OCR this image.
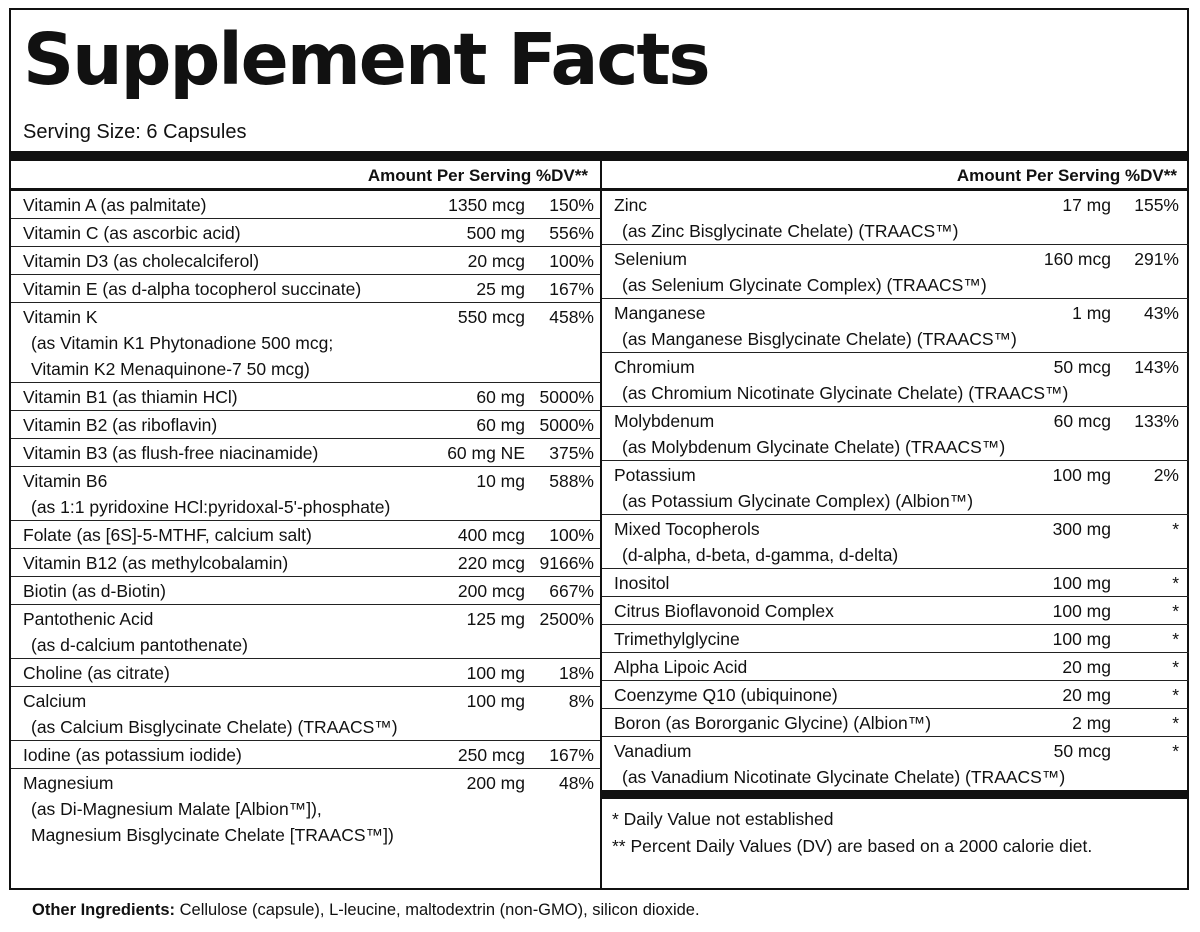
Supplement Facts
Serving Size: 6 Capsules
Amount Per Serving %DV**
Vitamin A (as palmitate)	1350 mcg 150%
Vitamin C (as ascorbic acid)	500 mg 556%
Vitamin D3 (as cholecalciferol)	20 mcg 100%
Vitamin E (as d-alpha tocopherol succinate)	25 mg 167%
Vitamin K	550 mcg 458%
(as Vitamin K1 Phytonadione 500 mcg;
Vitamin K2 Menaquinone-7 50 mcg)
Vitamin B1 (as thiamin HCl)	60 mg 5000%
Vitamin B2 (as riboflavin)	60 mg 5000%
Vitamin B3 (as flush-free niacinamide)	60 mg NE 375%
Vitamin B6	10 mg 588%
(as 1:1 pyridoxine HCl:pyridoxal-5'-phosphate)
Folate (as [6S]-5-MTHF, calcium salt)	400 mcg 100%
Vitamin B12 (as methylcobalamin)	220 mcg 9166%
Biotin (as d-Biotin)	200 mcg 667%
Pantothenic Acid	125 mg 2500%
(as d-calcium pantothenate)
Choline (as citrate)	100 mg 18%
Calcium	100 mg 8%
(as Calcium Bisglycinate Chelate) (TRAACS™)
Iodine (as potassium iodide)	250 mcg 167%
Magnesium	200 mg 48%
(as Di-Magnesium Malate [Albion™]),
Magnesium Bisglycinate Chelate [TRAACS™])
Amount Per Serving %DV**
Zinc	17 mg 155%
(as Zinc Bisglycinate Chelate) (TRAACS™)
Selenium	160 mcg 291%
(as Selenium Glycinate Complex) (TRAACS™)
Manganese	1 mg 43%
(as Manganese Bisglycinate Chelate) (TRAACS™)
Chromium	50 mcg 143%
(as Chromium Nicotinate Glycinate Chelate) (TRAACS™)
Molybdenum	60 mcg 133%
(as Molybdenum Glycinate Chelate) (TRAACS™)
Potassium	100 mg 2%
(as Potassium Glycinate Complex) (Albion™)
Mixed Tocopherols	300 mg	*
(d-alpha, d-beta, d-gamma, d-delta)
Inositol	100 mg	*
Citrus Bioflavonoid Complex	100 mg	*
Trimethylglycine	100 mg	*
Alpha Lipoic Acid	20 mg	*
Coenzyme Q10 (ubiquinone)	20 mg	*
Boron (as Bororganic Glycine) (Albion™)	2 mg	*
Vanadium	50 mcg	*
(as Vanadium Nicotinate Glycinate Chelate) (TRAACS™)
* Daily Value not established
** Percent Daily Values (DV) are based on a 2000 calorie diet.
Other Ingredients: Cellulose (capsule), L-leucine, maltodextrin (non-GMO), silicon dioxide.
